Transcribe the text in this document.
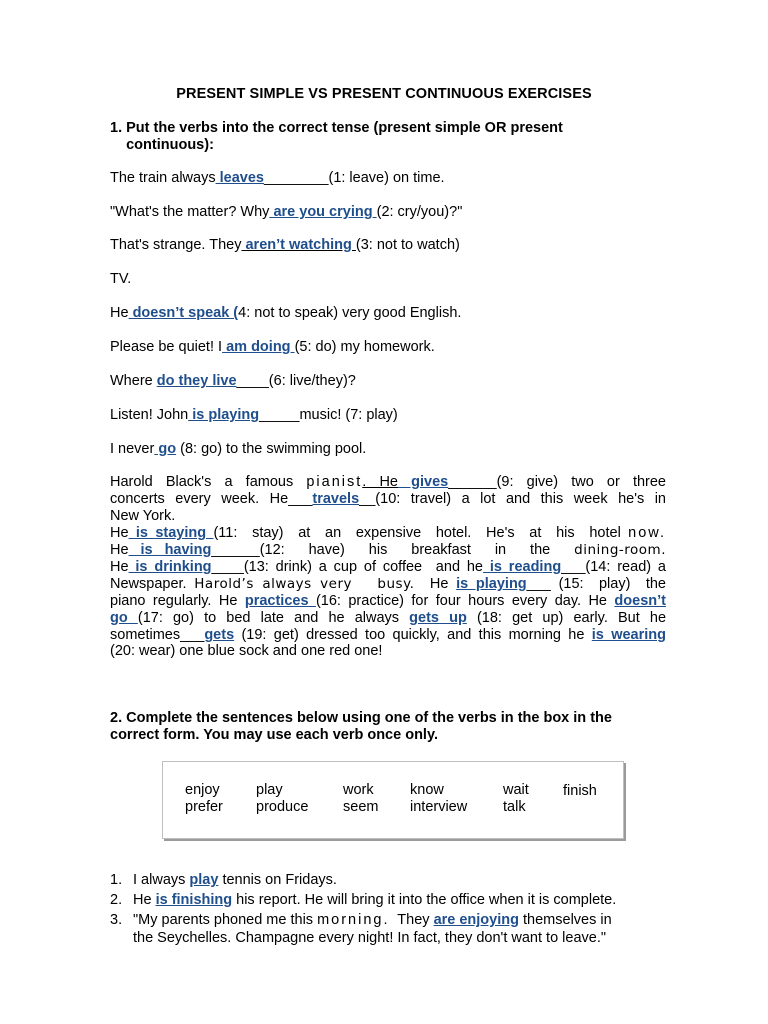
PRESENT SIMPLE VS PRESENT CONTINUOUS EXERCISES
1. Put the verbs into the correct tense (present simple OR present
continuous):
The train always leaves________(1: leave) on time.
"What's the matter? Why are you crying (2: cry/you)?"
That's strange. They aren’t watching (3: not to watch)
TV.
He doesn’t speak (4: not to speak) very good English.
Please be quiet! I am doing (5: do) my homework.
Where do they live____(6: live/they)?
Listen! John is playing_____music! (7: play)
I never go (8: go) to the swimming pool.
Harold Black's a famous pianist. He gives______(9: give) two or three
concerts every week. He___travels__(10: travel) a lot and this week he's in
New York.
He is staying (11:  stay)  at  an  expensive  hotel.  He's  at  his  hotel now.
He is having______(12:  have)  his  breakfast  in  the  dining-room.
He is drinking____(13: drink) a cup of coffee  and he is reading___(14: read) a
Newspaper. Harold’s always very   busy.  He is playing___ (15:  play)  the
piano regularly. He practices (16: practice) for four hours every day. He doesn’t
go (17: go) to bed late and he always gets up (18: get up) early. But he
sometimes___gets (19: get) dressed too quickly, and this morning he is wearing
(20: wear) one blue sock and one red one!
2. Complete the sentences below using one of the verbs in the box in the
correct form. You may use each verb once only.
enjoy	play	work	know	wait finish
prefer produce seem interview talk
1. I always play tennis on Fridays.
2. He is finishing his report. He will bring it into the office when it is complete.
3. "My parents phoned me this morning.  They are enjoying themselves in
the Seychelles. Champagne every night! In fact, they don't want to leave."
